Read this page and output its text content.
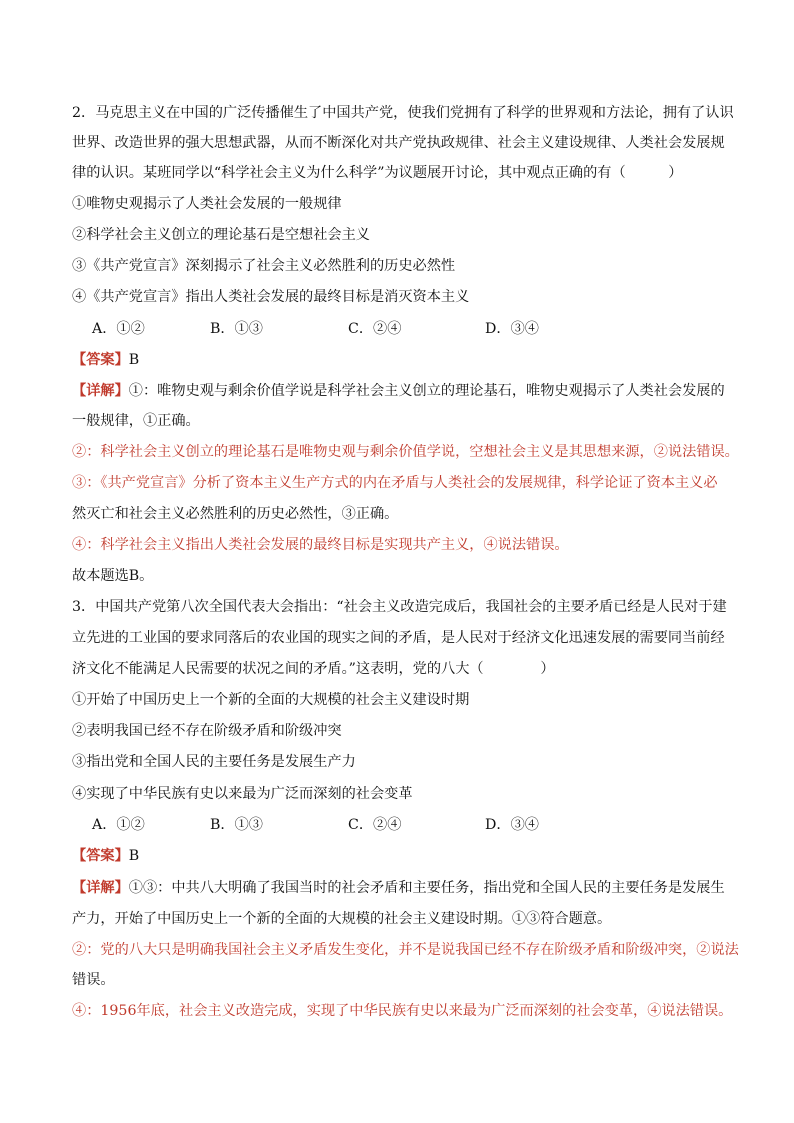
2．马克思主义在中国的广泛传播催生了中国共产党，使我们党拥有了科学的世界观和方法论，拥有了认识
世界、改造世界的强大思想武器，从而不断深化对共产党执政规律、社会主义建设规律、人类社会发展规
律的认识。某班同学以“科学社会主义为什么科学”为议题展开讨论，其中观点正确的有（　　　）
①唯物史观揭示了人类社会发展的一般规律
②科学社会主义创立的理论基石是空想社会主义
③《共产党宣言》深刻揭示了社会主义必然胜利的历史必然性
④《共产党宣言》指出人类社会发展的最终目标是消灭资本主义
A．①②	B．①③	C．②④	D．③④
【答案】B
【详解】①：唯物史观与剩余价值学说是科学社会主义创立的理论基石，唯物史观揭示了人类社会发展的
一般规律，①正确。
②：科学社会主义创立的理论基石是唯物史观与剩余价值学说，空想社会主义是其思想来源，②说法错误。
③：《共产党宣言》分析了资本主义生产方式的内在矛盾与人类社会的发展规律，科学论证了资本主义必
然灭亡和社会主义必然胜利的历史必然性，③正确。
④：科学社会主义指出人类社会发展的最终目标是实现共产主义，④说法错误。
故本题选B。
3．中国共产党第八次全国代表大会指出：“社会主义改造完成后，我国社会的主要矛盾已经是人民对于建
立先进的工业国的要求同落后的农业国的现实之间的矛盾，是人民对于经济文化迅速发展的需要同当前经
济文化不能满足人民需要的状况之间的矛盾。”这表明，党的八大（　　　　）
①开始了中国历史上一个新的全面的大规模的社会主义建设时期
②表明我国已经不存在阶级矛盾和阶级冲突
③指出党和全国人民的主要任务是发展生产力
④实现了中华民族有史以来最为广泛而深刻的社会变革
A．①②	B．①③	C．②④	D．③④
【答案】B
【详解】①③：中共八大明确了我国当时的社会矛盾和主要任务，指出党和全国人民的主要任务是发展生
产力，开始了中国历史上一个新的全面的大规模的社会主义建设时期。①③符合题意。
②：党的八大只是明确我国社会主义矛盾发生变化，并不是说我国已经不存在阶级矛盾和阶级冲突，②说法
错误。
④：1956年底，社会主义改造完成，实现了中华民族有史以来最为广泛而深刻的社会变革，④说法错误。
